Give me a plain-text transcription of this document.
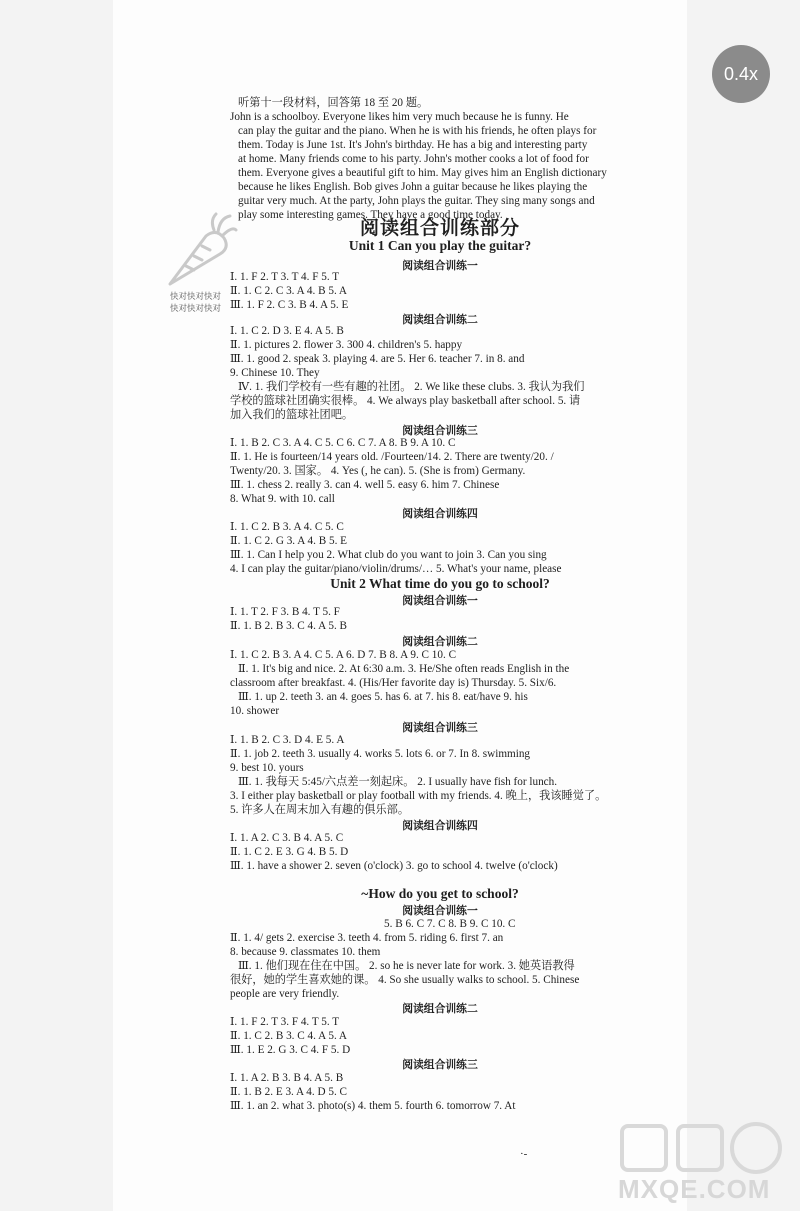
0.4x
听第十一段材料，回答第 18 至 20 题。
John is a schoolboy. Everyone likes him very much because he is funny. He
can play the guitar and the piano. When he is with his friends, he often plays for
them. Today is June 1st. It's John's birthday. He has a big and interesting party
at home. Many friends come to his party. John's mother cooks a lot of food for
them. Everyone gives a beautiful gift to him. May gives him an English dictionary
because he likes English. Bob gives John a guitar because he likes playing the
guitar very much. At the party, John plays the guitar. They sing many songs and
play some interesting games. They have a good time today.
Unit 1 Can you play the guitar?
阅读组合训练一
Ⅰ. 1. F 2. T 3. T 4. F 5. T
Ⅱ. 1. C 2. C 3. A 4. B 5. A
Ⅲ. 1. F 2. C 3. B 4. A 5. E
阅读组合训练二
Ⅰ. 1. C 2. D 3. E 4. A 5. B
Ⅱ. 1. pictures 2. flower 3. 300 4. children's 5. happy
Ⅲ. 1. good 2. speak 3. playing 4. are 5. Her 6. teacher 7. in 8. and
9. Chinese 10. They
Ⅳ. 1. 我们学校有一些有趣的社团。 2. We like these clubs. 3. 我认为我们
学校的篮球社团确实很棒。 4. We always play basketball after school. 5. 请
加入我们的篮球社团吧。
阅读组合训练三
Ⅰ. 1. B 2. C 3. A 4. C 5. C 6. C 7. A 8. B 9. A 10. C
Ⅱ. 1. He is fourteen/14 years old. /Fourteen/14. 2. There are twenty/20. /
Twenty/20. 3. 国家。 4. Yes (, he can). 5. (She is from) Germany.
Ⅲ. 1. chess 2. really 3. can 4. well 5. easy 6. him 7. Chinese
8. What 9. with 10. call
阅读组合训练四
Ⅰ. 1. C 2. B 3. A 4. C 5. C
Ⅱ. 1. C 2. G 3. A 4. B 5. E
Ⅲ. 1. Can I help you 2. What club do you want to join 3. Can you sing
4. I can play the guitar/piano/violin/drums/… 5. What's your name, please
Unit 2 What time do you go to school?
阅读组合训练一
Ⅰ. 1. T 2. F 3. B 4. T 5. F
Ⅱ. 1. B 2. B 3. C 4. A 5. B
阅读组合训练二
Ⅰ. 1. C 2. B 3. A 4. C 5. A 6. D 7. B 8. A 9. C 10. C
Ⅱ. 1. It's big and nice. 2. At 6:30 a.m. 3. He/She often reads English in the
classroom after breakfast. 4. (His/Her favorite day is) Thursday. 5. Six/6.
Ⅲ. 1. up 2. teeth 3. an 4. goes 5. has 6. at 7. his 8. eat/have 9. his
10. shower
阅读组合训练三
Ⅰ. 1. B 2. C 3. D 4. E 5. A
Ⅱ. 1. job 2. teeth 3. usually 4. works 5. lots 6. or 7. In 8. swimming
9. best 10. yours
Ⅲ. 1. 我每天 5:45/六点差一刻起床。 2. I usually have fish for lunch.
3. I either play basketball or play football with my friends. 4. 晚上，我该睡觉了。
5. 许多人在周末加入有趣的俱乐部。
阅读组合训练四
Ⅰ. 1. A 2. C 3. B 4. A 5. C
Ⅱ. 1. C 2. E 3. G 4. B 5. D
Ⅲ. 1. have a shower 2. seven (o'clock) 3. go to school 4. twelve (o'clock)
~How do you get to school?
阅读组合训练一
5. B 6. C 7. C 8. B 9. C 10. C
Ⅱ. 1. 4/ gets 2. exercise 3. teeth 4. from 5. riding 6. first 7. an
8. because 9. classmates 10. them
Ⅲ. 1. 他们现在住在中国。 2. so he is never late for work. 3. 她英语教得
很好，她的学生喜欢她的课。 4. So she usually walks to school. 5. Chinese
people are very friendly.
阅读组合训练二
Ⅰ. 1. F 2. T 3. F 4. T 5. T
Ⅱ. 1. C 2. B 3. C 4. A 5. A
Ⅲ. 1. E 2. G 3. C 4. F 5. D
阅读组合训练三
Ⅰ. 1. A 2. B 3. B 4. A 5. B
Ⅱ. 1. B 2. E 3. A 4. D 5. C
Ⅲ. 1. an 2. what 3. photo(s) 4. them 5. fourth 6. tomorrow 7. At
快对快对快对
快对快对快对
阅读组合训练部分
·-
MXQE.COM
